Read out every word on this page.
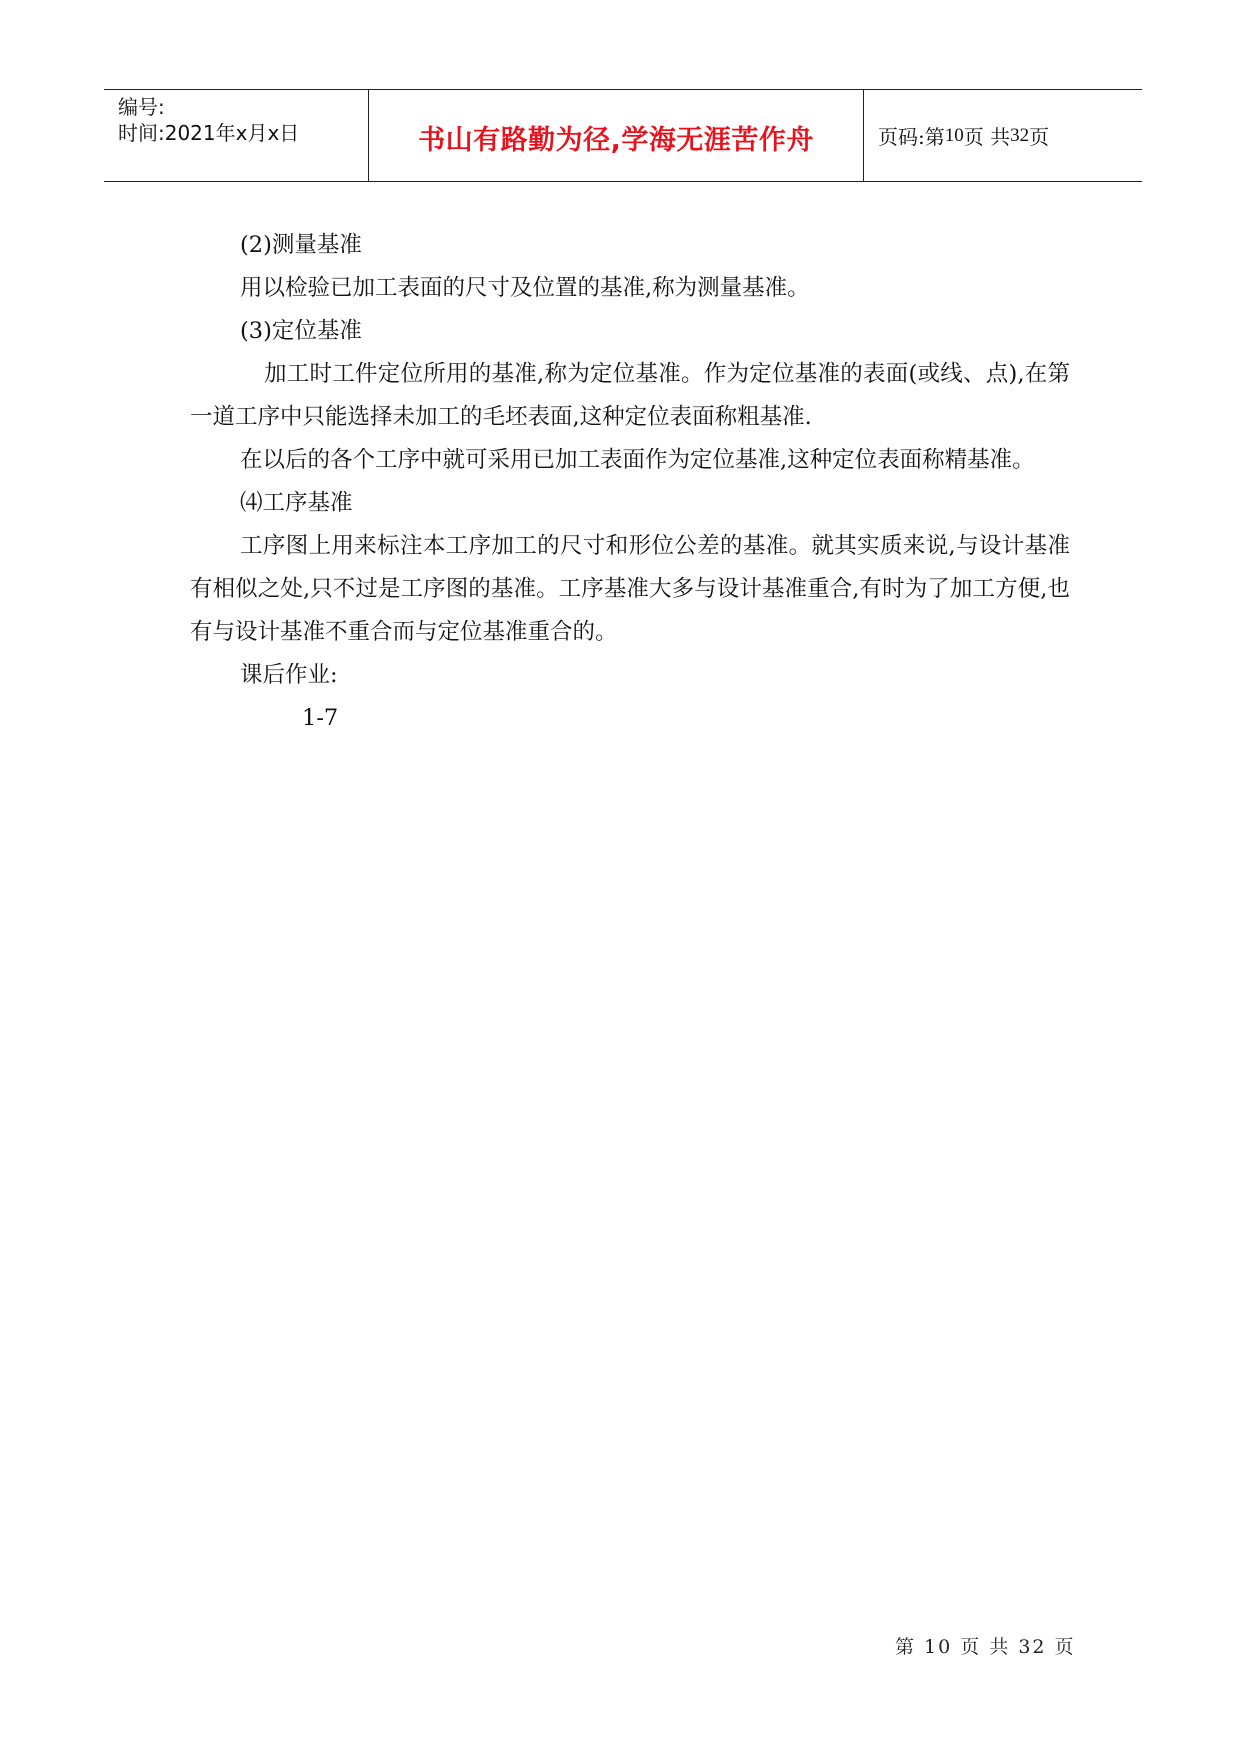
编号:
时间:2021年x月x日	书山有路勤为径,学海无涯苦作舟	页码:第 10 页 共 32 页

(2)测量基准

用以检验已加工表面的尺寸及位置的基准,称为测量基准。

(3)定位基准

加工时工件定位所用的基准,称为定位基准。作为定位基准的表面(或线、点),在第一道工序中只能选择未加工的毛坯表面,这种定位表面称粗基准.

在以后的各个工序中就可采用已加工表面作为定位基准,这种定位表面称精基准。

⑷工序基准

工序图上用来标注本工序加工的尺寸和形位公差的基准。就其实质来说,与设计基准有相似之处,只不过是工序图的基准。工序基准大多与设计基准重合,有时为了加工方便,也有与设计基准不重合而与定位基准重合的。

课后作业:

1-7

第 10 页 共 32 页
